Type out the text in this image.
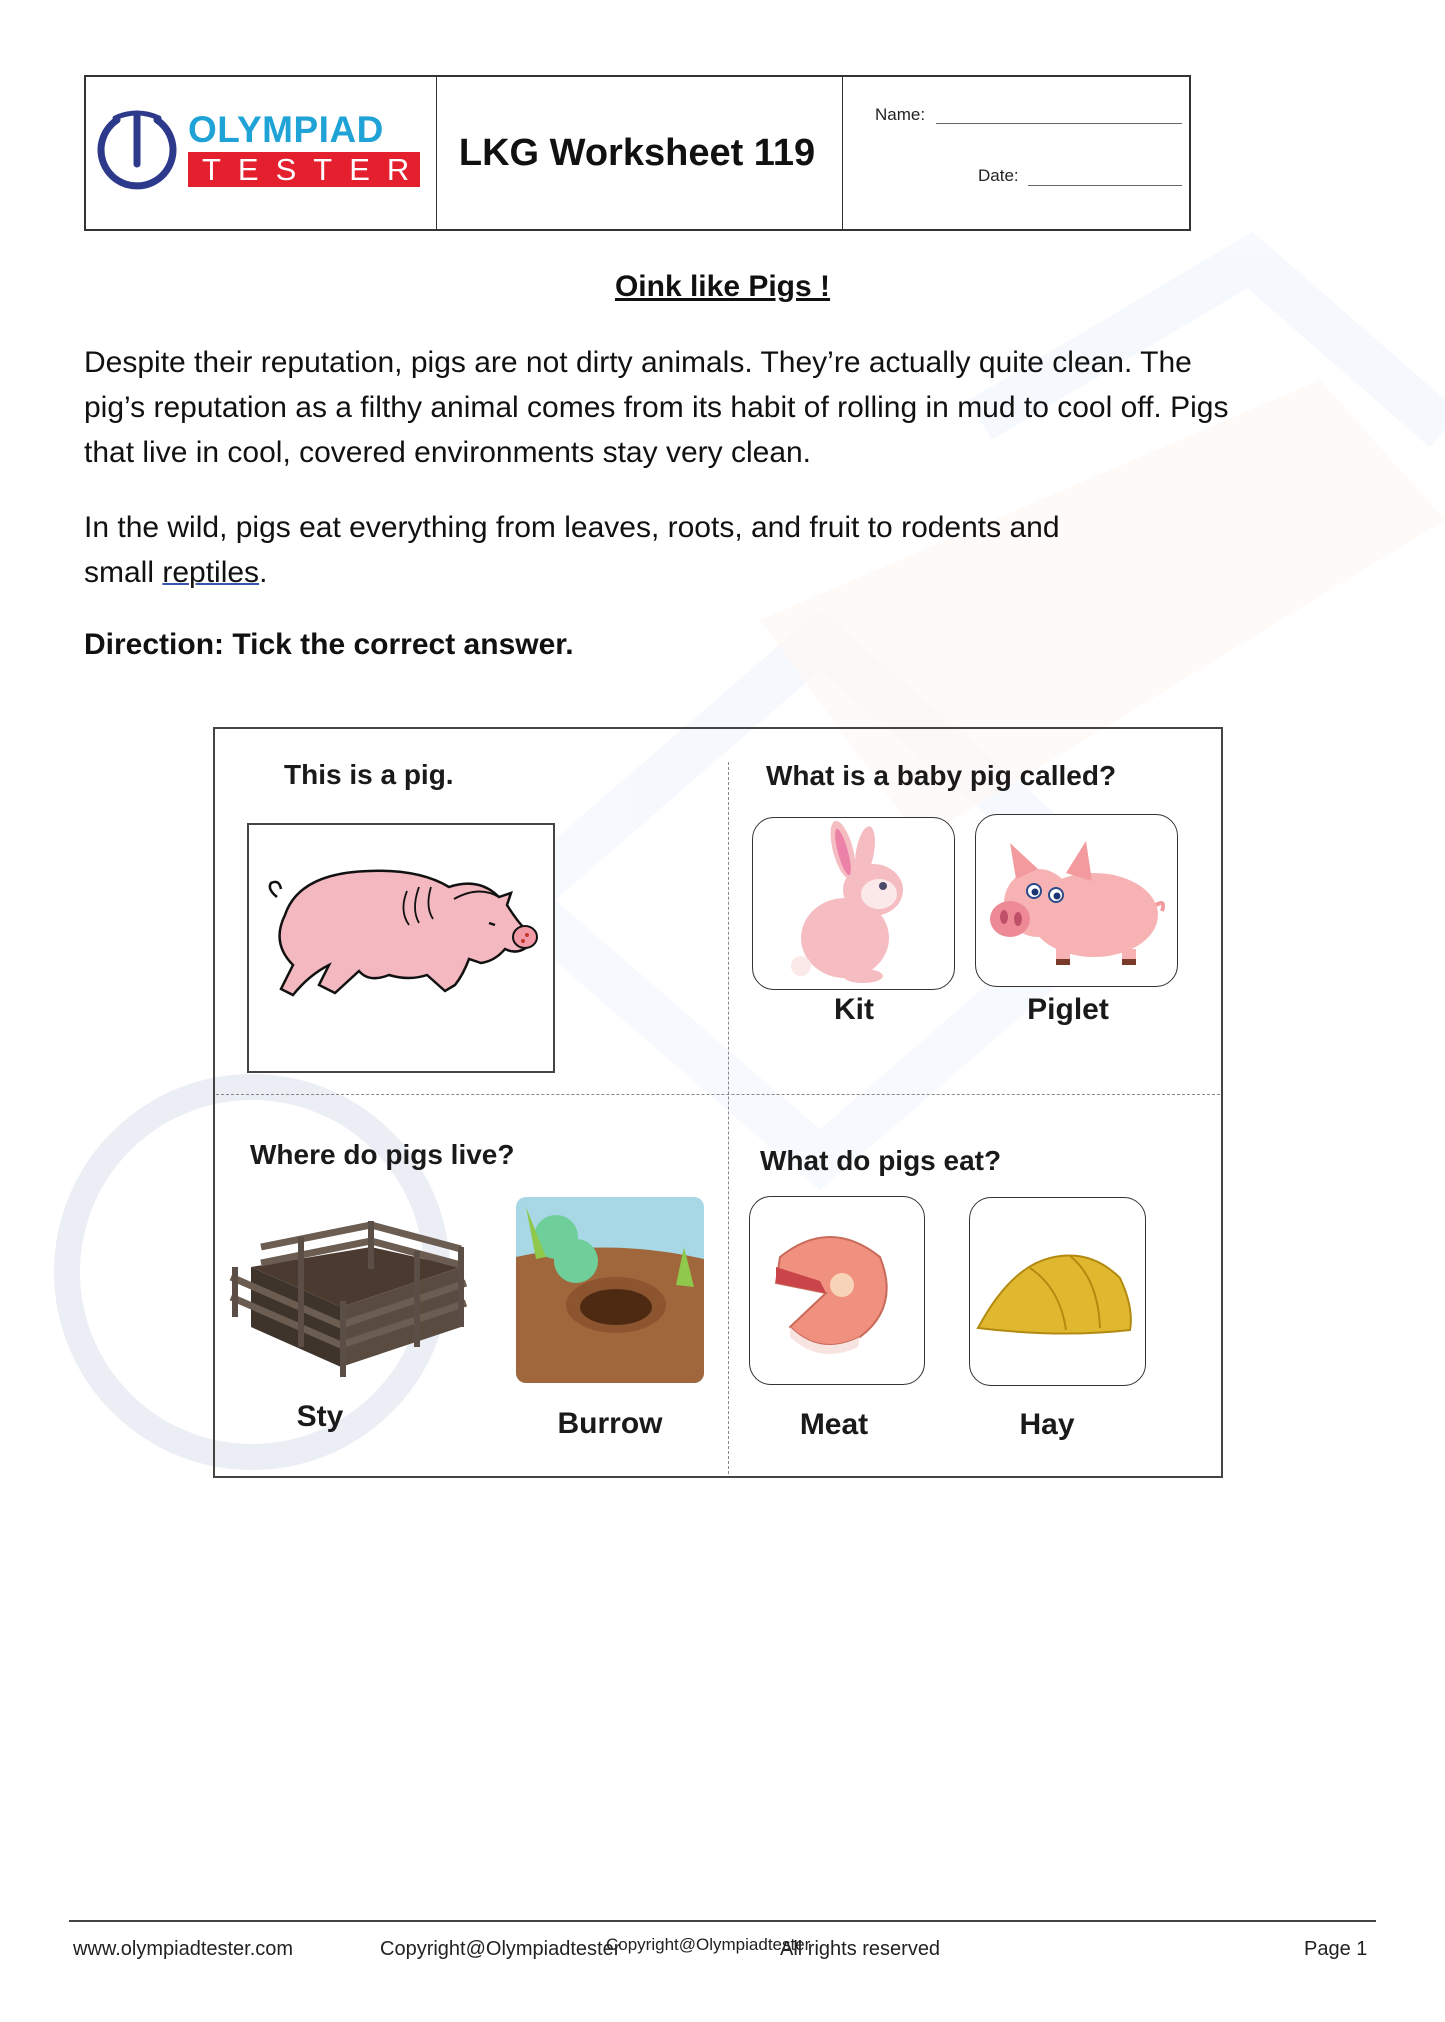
OLYMPIAD
TESTER LKG Worksheet 119
Name:
Date:
Oink like Pigs !
Despite their reputation, pigs are not dirty animals. They’re actually quite clean. The
pig’s reputation as a filthy animal comes from its habit of rolling in mud to cool off. Pigs
that live in cool, covered environments stay very clean.
In the wild, pigs eat everything from leaves, roots, and fruit to rodents and
small reptiles.
Direction: Tick the correct answer.
This is a pig.	What is a baby pig called?
Kit	Piglet
Where do pigs live?
Sty	Burrow
What do pigs eat?
Meat	Hay
www.olympiadtester.com	Copyright@Olympiadtester
Copyright@Olympiadtester
All rights reserved	Page 1
